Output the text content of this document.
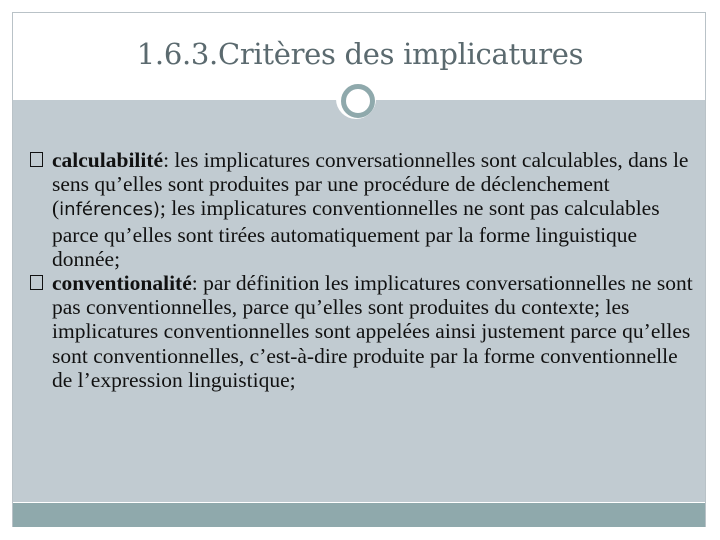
1.6.3.Critères des implicatures
calculabilité: les implicatures conversationnelles sont calculables, dans le sens qu’elles sont produites par une procédure de déclenchement (inférences); les implicatures conventionnelles ne sont pas calculables parce qu’elles sont tirées automatiquement par la forme linguistique donnée;
conventionalité: par définition les implicatures conversationnelles ne sont pas conventionnelles, parce qu’elles sont produites du contexte; les implicatures conventionnelles sont appelées ainsi justement parce qu’elles sont conventionnelles, c’est-à-dire produite par la forme conventionnelle de l’expression linguistique;
